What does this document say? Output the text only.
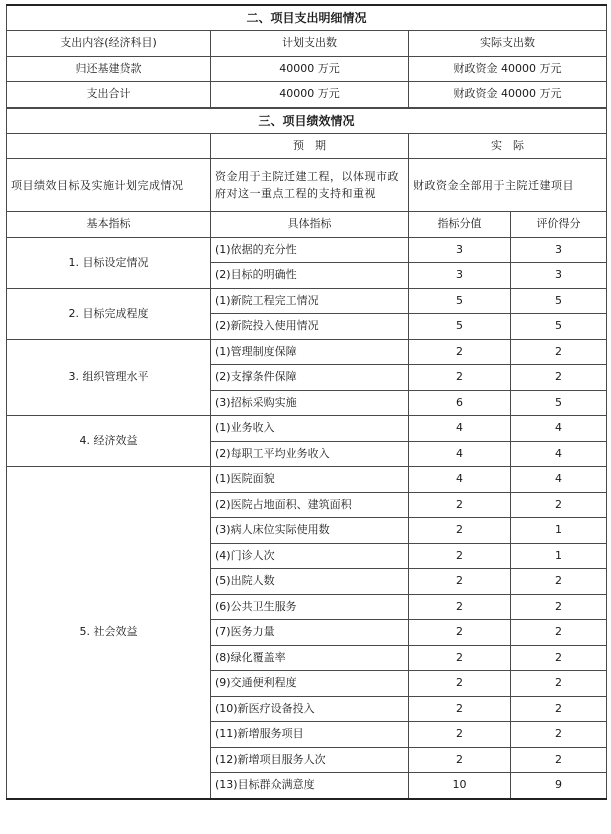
二、项目支出明细情况		
支出内容(经济科目)	计划支出数	实际支出数
归还基建贷款	40000 万元	财政资金 40000 万元
支出合计	40000 万元	财政资金 40000 万元
三、项目绩效情况			
	预　期	实　际	
项目绩效目标及实施计划完成情况	资金用于主院迁建工程，以体现市政府对这一重点工程的支持和重视	财政资金全部用于主院迁建项目	
基本指标	具体指标	指标分值	评价得分
1. 目标设定情况	(1)依据的充分性	3	3
	(2)目标的明确性	3	3
2. 目标完成程度	(1)新院工程完工情况	5	5
	(2)新院投入使用情况	5	5
3. 组织管理水平	(1)管理制度保障	2	2
	(2)支撑条件保障	2	2
	(3)招标采购实施	6	5
4. 经济效益	(1)业务收入	4	4
	(2)每职工平均业务收入	4	4
5. 社会效益	(1)医院面貌	4	4
	(2)医院占地面积、建筑面积	2	2
	(3)病人床位实际使用数	2	1
	(4)门诊人次	2	1
	(5)出院人数	2	2
	(6)公共卫生服务	2	2
	(7)医务力量	2	2
	(8)绿化覆盖率	2	2
	(9)交通便利程度	2	2
	(10)新医疗设备投入	2	2
	(11)新增服务项目	2	2
	(12)新增项目服务人次	2	2
	(13)目标群众满意度	10	9
